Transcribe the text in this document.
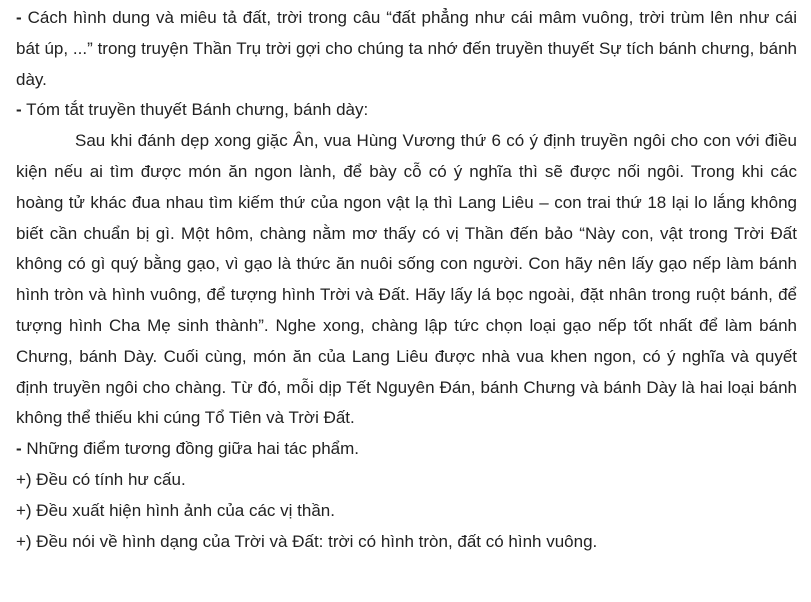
- Cách hình dung và miêu tả đất, trời trong câu “đất phẳng như cái mâm vuông, trời trùm lên như cái bát úp, ...” trong truyện Thần Trụ trời gợi cho chúng ta nhớ đến truyền thuyết Sự tích bánh chưng, bánh dày.

- Tóm tắt truyền thuyết Bánh chưng, bánh dày:

Sau khi đánh dẹp xong giặc Ân, vua Hùng Vương thứ 6 có ý định truyền ngôi cho con với điều kiện nếu ai tìm được món ăn ngon lành, để bày cỗ có ý nghĩa thì sẽ được nối ngôi. Trong khi các hoàng tử khác đua nhau tìm kiếm thứ của ngon vật lạ thì Lang Liêu – con trai thứ 18 lại lo lắng không biết cần chuẩn bị gì. Một hôm, chàng nằm mơ thấy có vị Thần đến bảo “Này con, vật trong Trời Đất không có gì quý bằng gạo, vì gạo là thức ăn nuôi sống con người. Con hãy nên lấy gạo nếp làm bánh hình tròn và hình vuông, để tượng hình Trời và Đất. Hãy lấy lá bọc ngoài, đặt nhân trong ruột bánh, để tượng hình Cha Mẹ sinh thành”. Nghe xong, chàng lập tức chọn loại gạo nếp tốt nhất để làm bánh Chưng, bánh Dày. Cuối cùng, món ăn của Lang Liêu được nhà vua khen ngon, có ý nghĩa và quyết định truyền ngôi cho chàng. Từ đó, mỗi dịp Tết Nguyên Đán, bánh Chưng và bánh Dày là hai loại bánh không thể thiếu khi cúng Tổ Tiên và Trời Đất.

- Những điểm tương đồng giữa hai tác phẩm.

+) Đều có tính hư cấu.

+) Đều xuất hiện hình ảnh của các vị thần.

+) Đều nói về hình dạng của Trời và Đất: trời có hình tròn, đất có hình vuông.
